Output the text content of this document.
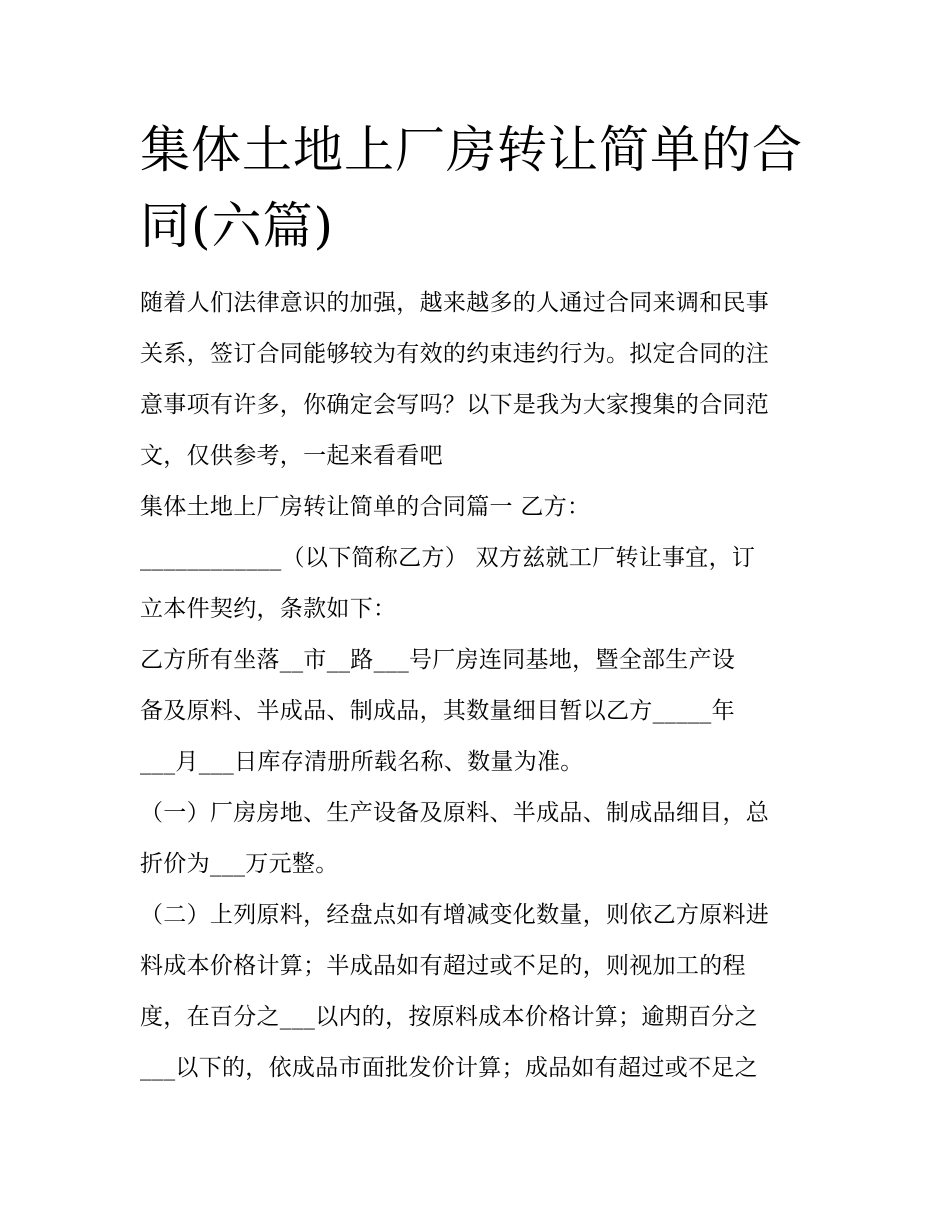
集体土地上厂房转让简单的合
同(六篇)
随着人们法律意识的加强，越来越多的人通过合同来调和民事
关系，签订合同能够较为有效的约束违约行为。拟定合同的注
意事项有许多，你确定会写吗？以下是我为大家搜集的合同范
文，仅供参考，一起来看看吧
集体土地上厂房转让简单的合同篇一 乙方：
____________（以下简称乙方） 双方兹就工厂转让事宜，订
立本件契约，条款如下：
乙方所有坐落__市__路___号厂房连同基地，暨全部生产设
备及原料、半成品、制成品，其数量细目暂以乙方_____年
___月___日库存清册所载名称、数量为准。
（一）厂房房地、生产设备及原料、半成品、制成品细目，总
折价为___万元整。
（二）上列原料，经盘点如有增减变化数量，则依乙方原料进
料成本价格计算；半成品如有超过或不足的，则视加工的程
度，在百分之___以内的，按原料成本价格计算；逾期百分之
___以下的，依成品市面批发价计算；成品如有超过或不足之
